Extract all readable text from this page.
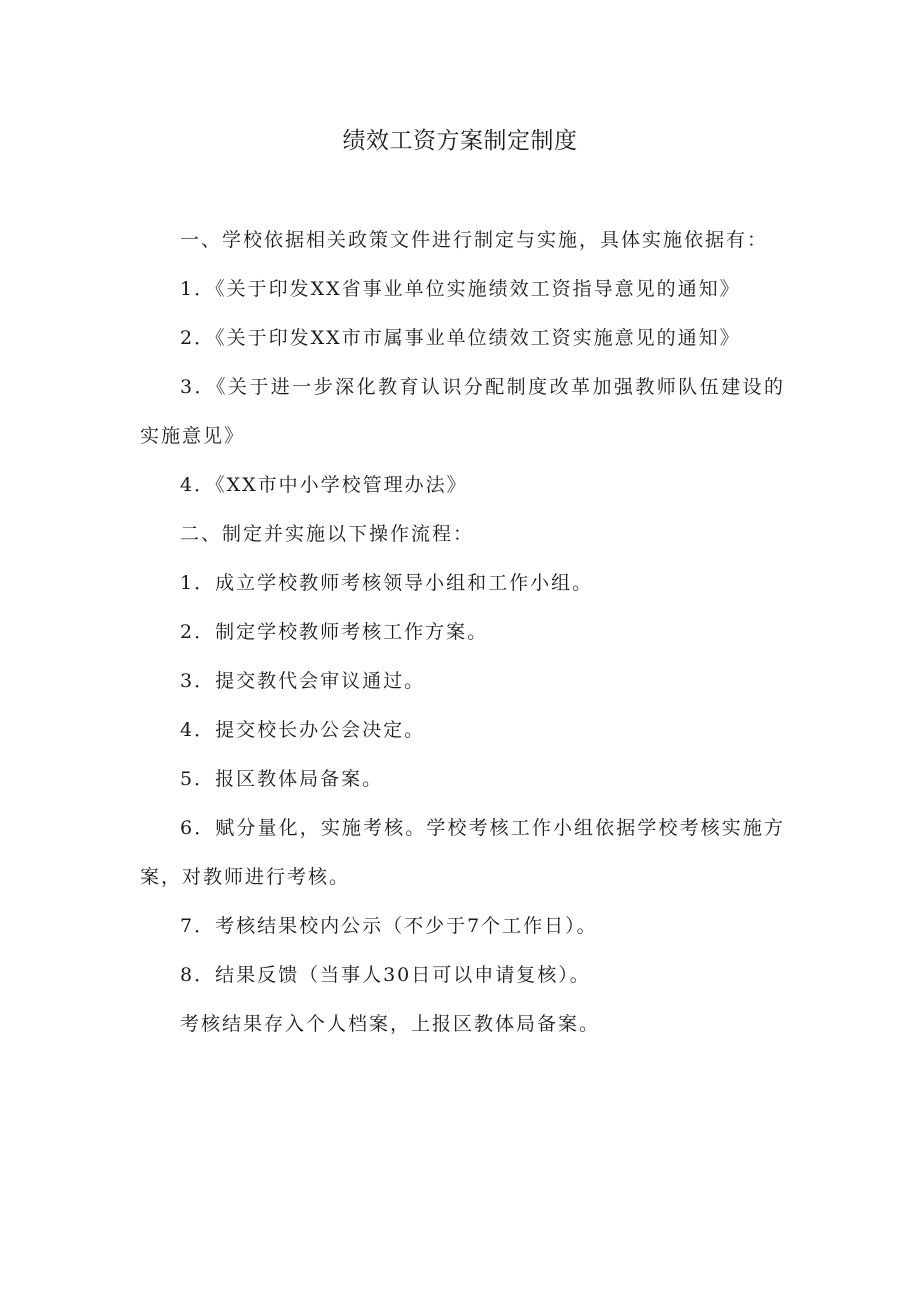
绩效工资方案制定制度

一、学校依据相关政策文件进行制定与实施，具体实施依据有：

1．《关于印发XX省事业单位实施绩效工资指导意见的通知》

2．《关于印发XX市市属事业单位绩效工资实施意见的通知》

3．《关于进一步深化教育认识分配制度改革加强教师队伍建设的实施意见》

4．《XX市中小学校管理办法》

二、制定并实施以下操作流程：

1．成立学校教师考核领导小组和工作小组。

2．制定学校教师考核工作方案。

3．提交教代会审议通过。

4．提交校长办公会决定。

5．报区教体局备案。

6．赋分量化，实施考核。学校考核工作小组依据学校考核实施方案，对教师进行考核。

7．考核结果校内公示（不少于7个工作日）。

8．结果反馈（当事人30日可以申请复核）。

考核结果存入个人档案，上报区教体局备案。
